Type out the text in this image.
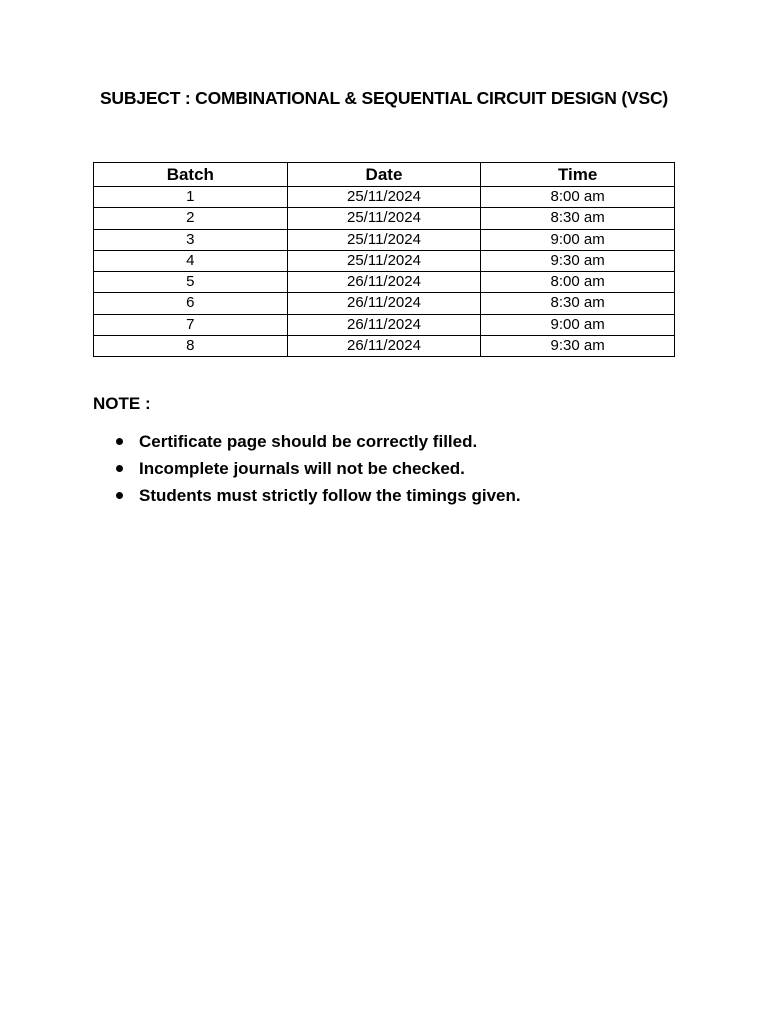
SUBJECT : COMBINATIONAL & SEQUENTIAL CIRCUIT DESIGN (VSC)
Batch	Date	Time
1	25/11/2024	8:00 am
2	25/11/2024	8:30 am
3	25/11/2024	9:00 am
4	25/11/2024	9:30 am
5	26/11/2024	8:00 am
6	26/11/2024	8:30 am
7	26/11/2024	9:00 am
8	26/11/2024	9:30 am
NOTE :
Certificate page should be correctly filled.
Incomplete journals will not be checked.
Students must strictly follow the timings given.
